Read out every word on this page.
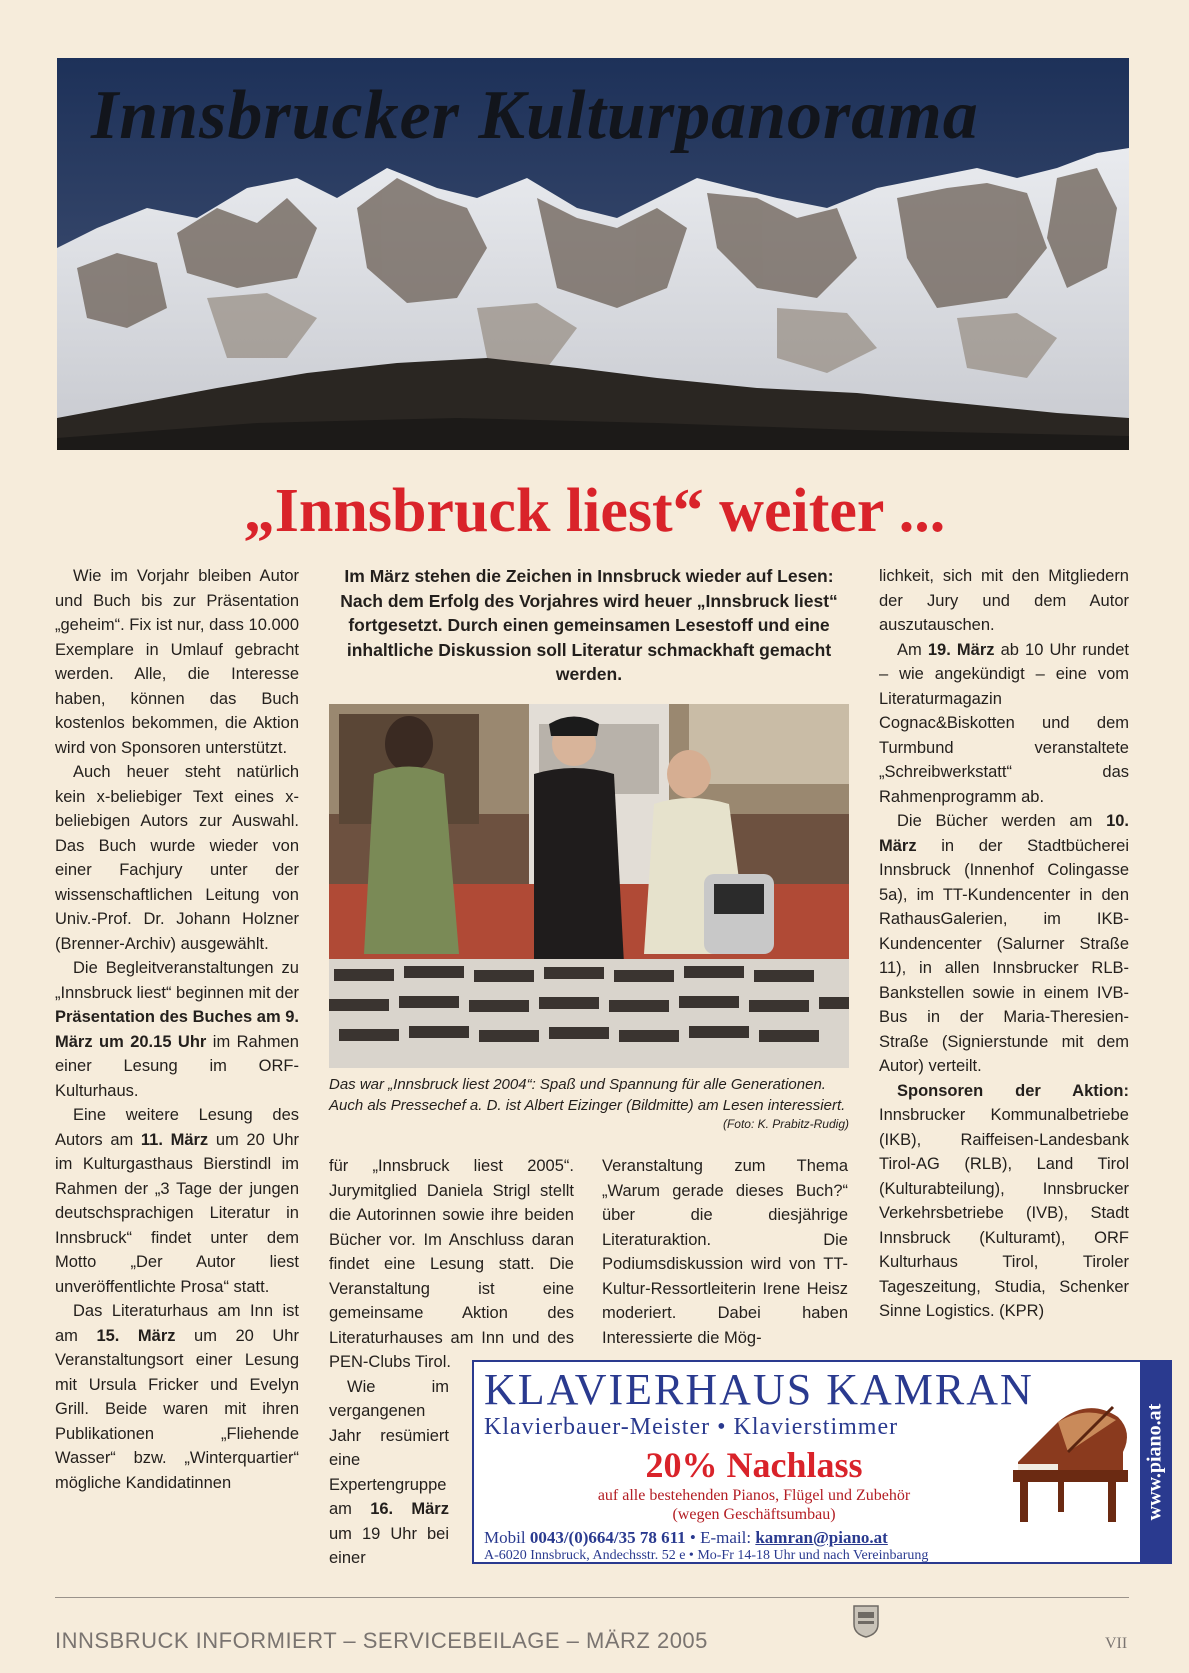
Innsbrucker Kulturpanorama
„Innsbruck liest“ weiter ...

Wie im Vorjahr bleiben Autor und Buch bis zur Präsentation „geheim“. Fix ist nur, dass 10.000 Exemplare in Umlauf gebracht werden. Alle, die Interesse haben, können das Buch kostenlos bekommen, die Aktion wird von Sponsoren unterstützt.

Auch heuer steht natürlich kein x-beliebiger Text eines x-beliebigen Autors zur Auswahl. Das Buch wurde wieder von einer Fachjury unter der wissenschaftlichen Leitung von Univ.-Prof. Dr. Johann Holzner (Brenner-Archiv) ausgewählt.

Die Begleitveranstaltungen zu „Innsbruck liest“ beginnen mit der Präsentation des Buches am 9. März um 20.15 Uhr im Rahmen einer Lesung im ORF-Kulturhaus.

Eine weitere Lesung des Autors am 11. März um 20 Uhr im Kulturgasthaus Bierstindl im Rahmen der „3 Tage der jungen deutschsprachigen Literatur in Innsbruck“ findet unter dem Motto „Der Autor liest unveröffentlichte Prosa“ statt.

Das Literaturhaus am Inn ist am 15. März um 20 Uhr Veranstaltungsort einer Lesung mit Ursula Fricker und Evelyn Grill. Beide waren mit ihren Publikationen „Fliehende Wasser“ bzw. „Winterquartier“ mögliche Kandidatinnen

Im März stehen die Zeichen in Innsbruck wieder auf Lesen: Nach dem Erfolg des Vorjahres wird heuer „Innsbruck liest“ fortgesetzt. Durch einen gemeinsamen Lesestoff und eine inhaltliche Diskussion soll Literatur schmackhaft gemacht werden.
Das war „Innsbruck liest 2004“: Spaß und Spannung für alle Generationen. Auch als Pressechef a. D. ist Albert Eizinger (Bildmitte) am Lesen interessiert.
(Foto: K. Prabitz-Rudig)

für „Innsbruck liest 2005“. Jurymitglied Daniela Strigl stellt die Autorinnen sowie ihre beiden Bücher vor. Im Anschluss daran findet eine Lesung statt. Die Veranstaltung ist eine gemeinsame Aktion des Literaturhauses am Inn und des PEN-Clubs Tirol.

Wie im vergangenen Jahr resümiert eine Expertengruppe am 16. März um 19 Uhr bei einer

Veranstaltung zum Thema „Warum gerade dieses Buch?“ über die diesjährige Literaturaktion. Die Podiumsdiskussion wird von TT-Kultur-Ressortleiterin Irene Heisz moderiert. Dabei haben Interessierte die Mög-

lichkeit, sich mit den Mitgliedern der Jury und dem Autor auszutauschen.

Am 19. März ab 10 Uhr rundet – wie angekündigt – eine vom Literaturmagazin Cognac&Biskotten und dem Turmbund veranstaltete „Schreibwerkstatt“ das Rahmenprogramm ab.

Die Bücher werden am 10. März in der Stadtbücherei Innsbruck (Innenhof Colingasse 5a), im TT-Kundencenter in den RathausGalerien, im IKB-Kundencenter (Salurner Straße 11), in allen Innsbrucker RLB-Bankstellen sowie in einem IVB-Bus in der Maria-Theresien-Straße (Signierstunde mit dem Autor) verteilt.

Sponsoren der Aktion: Innsbrucker Kommunalbetriebe (IKB), Raiffeisen-Landesbank Tirol-AG (RLB), Land Tirol (Kulturabteilung), Innsbrucker Verkehrsbetriebe (IVB), Stadt Innsbruck (Kulturamt), ORF Kulturhaus Tirol, Tiroler Tageszeitung, Studia, Schenker Sinne Logistics. (KPR)

KLAVIERHAUS KAMRAN
Klavierbauer-Meister • Klavierstimmer
20% Nachlass
auf alle bestehenden Pianos, Flügel und Zubehör
(wegen Geschäftsumbau)
Mobil 0043/(0)664/35 78 611 • E-mail: kamran@piano.at
A-6020 Innsbruck, Andechsstr. 52 e • Mo-Fr 14-18 Uhr und nach Vereinbarung
www.piano.at
INNSBRUCK INFORMIERT – SERVICEBEILAGE – MÄRZ 2005	VII
